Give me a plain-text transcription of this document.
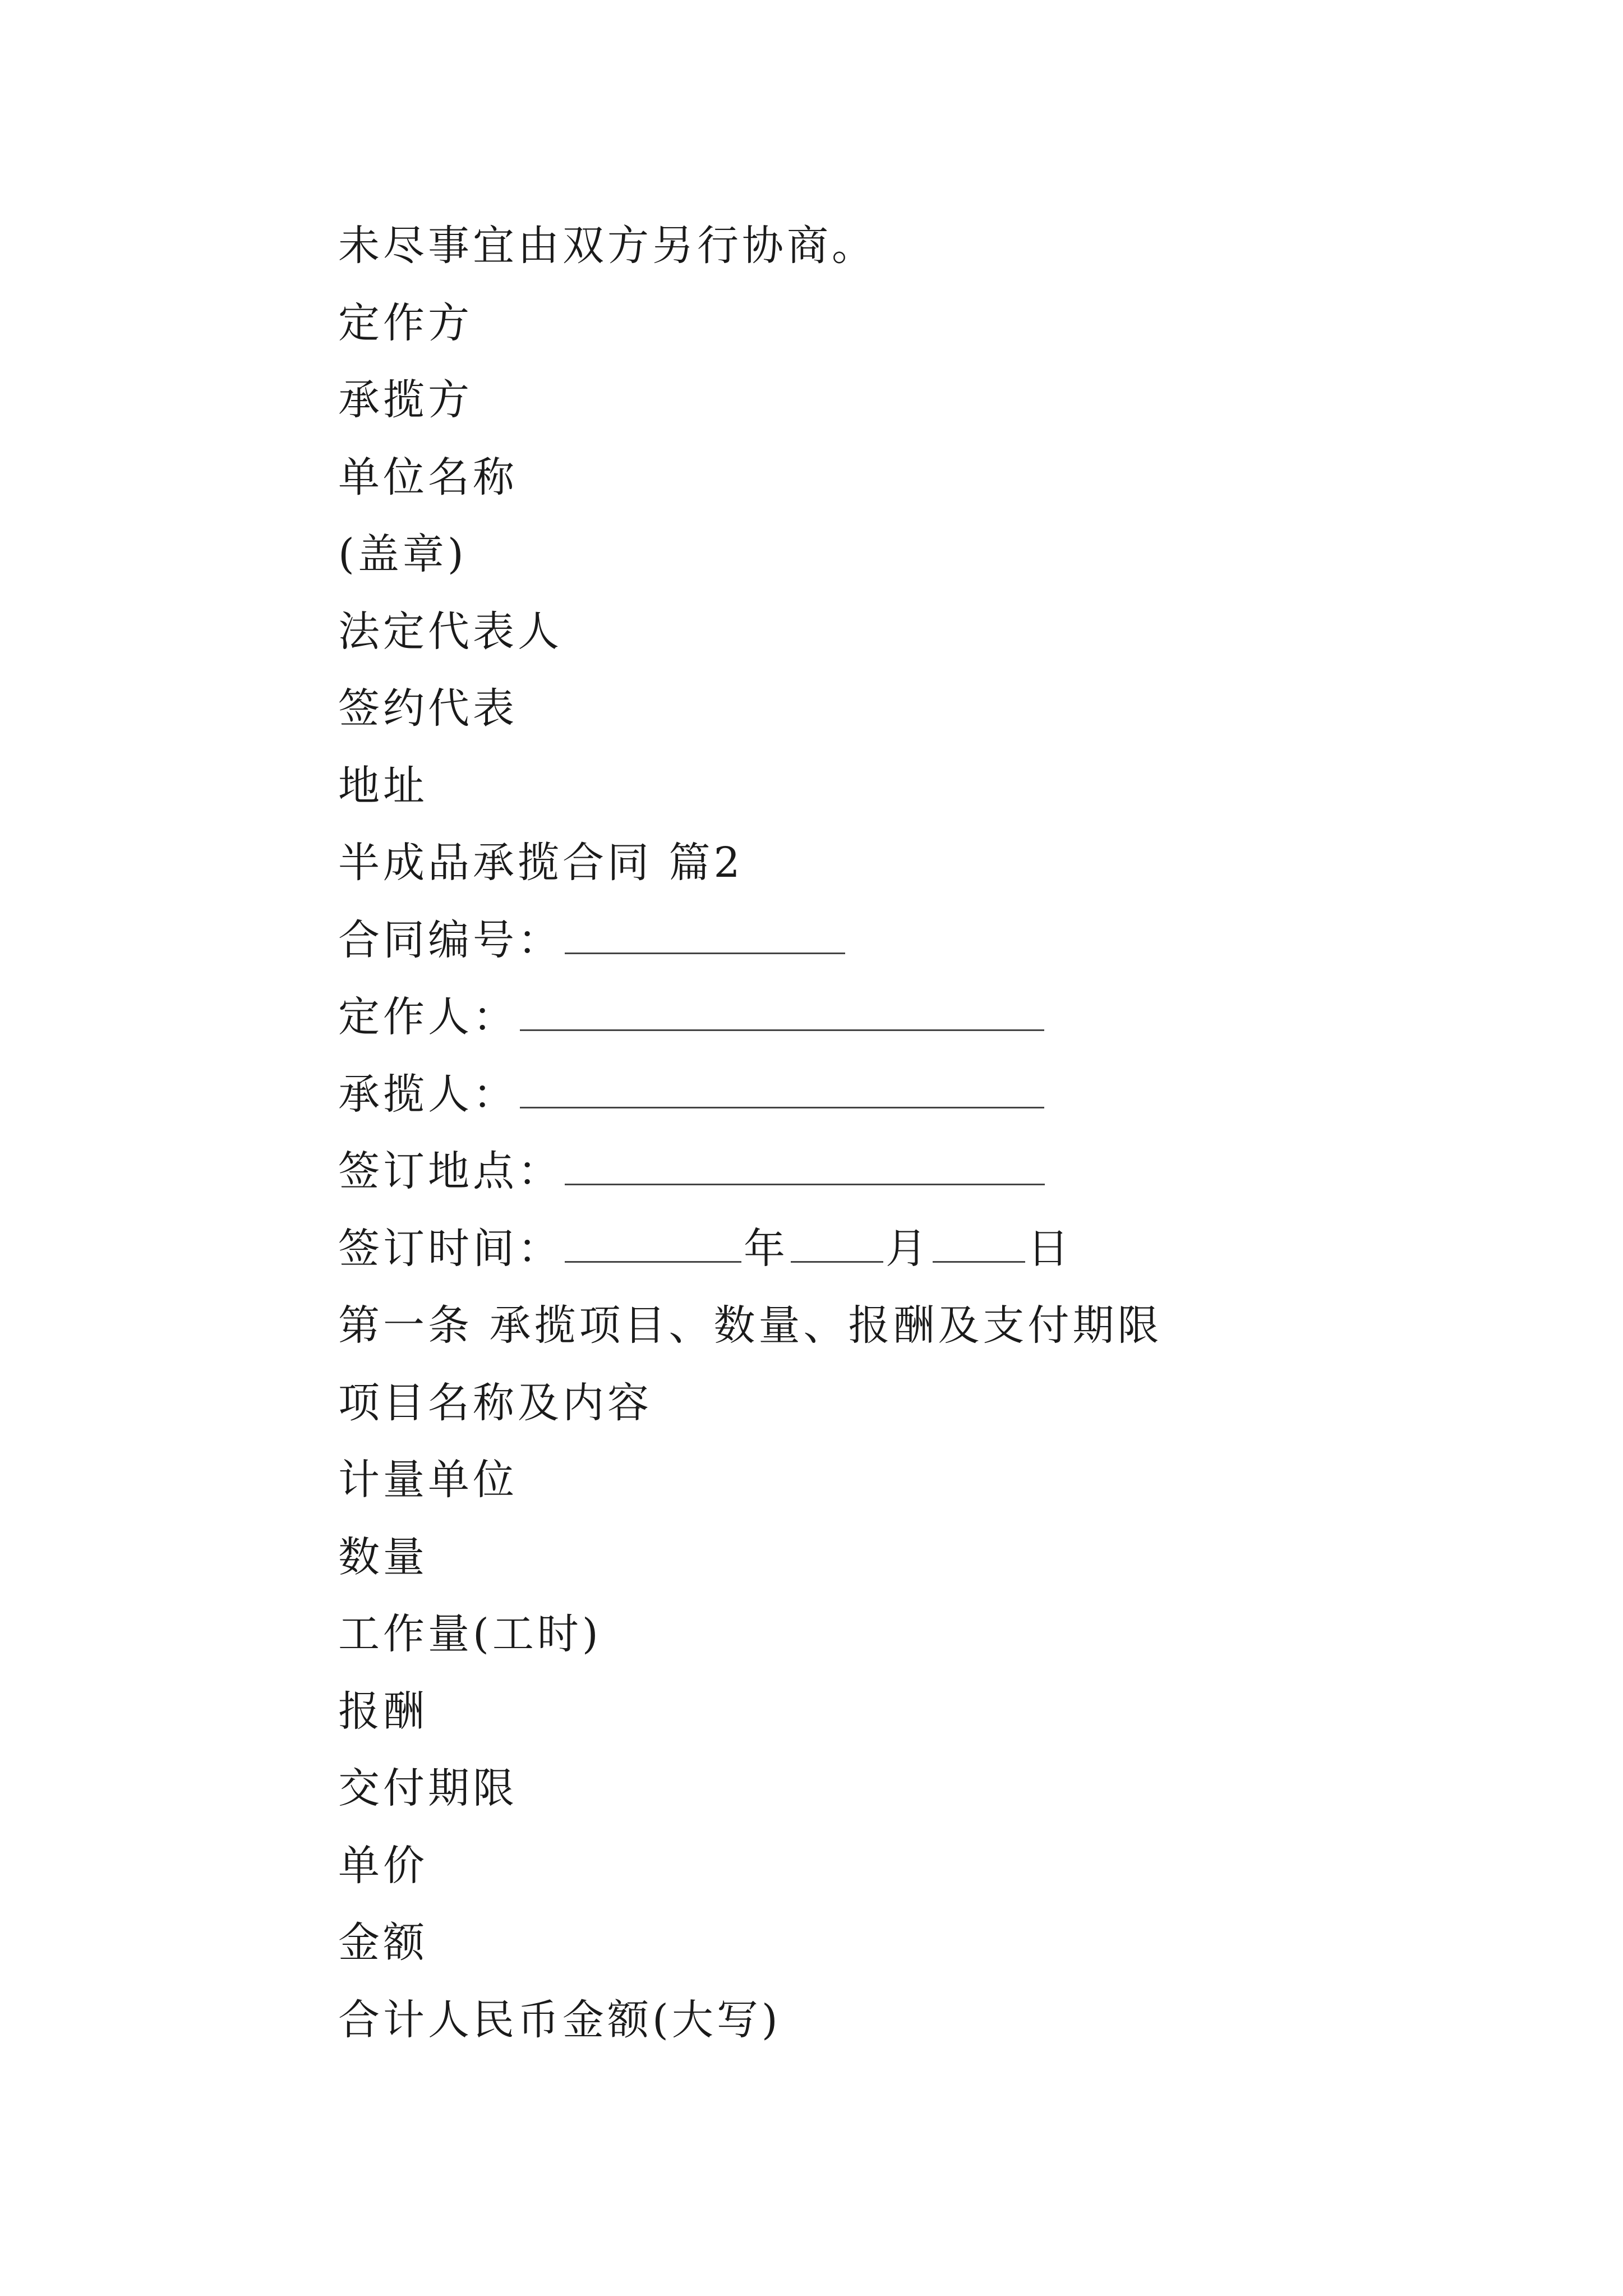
未尽事宜由双方另行协商。
定作方
承揽方
单位名称
(盖章)
法定代表人
签约代表
地址
半成品承揽合同 篇2
合同编号：
定作人：
承揽人：
签订地点：
签订时间：	年 月 日
第一条 承揽项目、数量、报酬及支付期限
项目名称及内容
计量单位
数量
工作量(工时)
报酬
交付期限
单价
金额
合计人民币金额(大写)
